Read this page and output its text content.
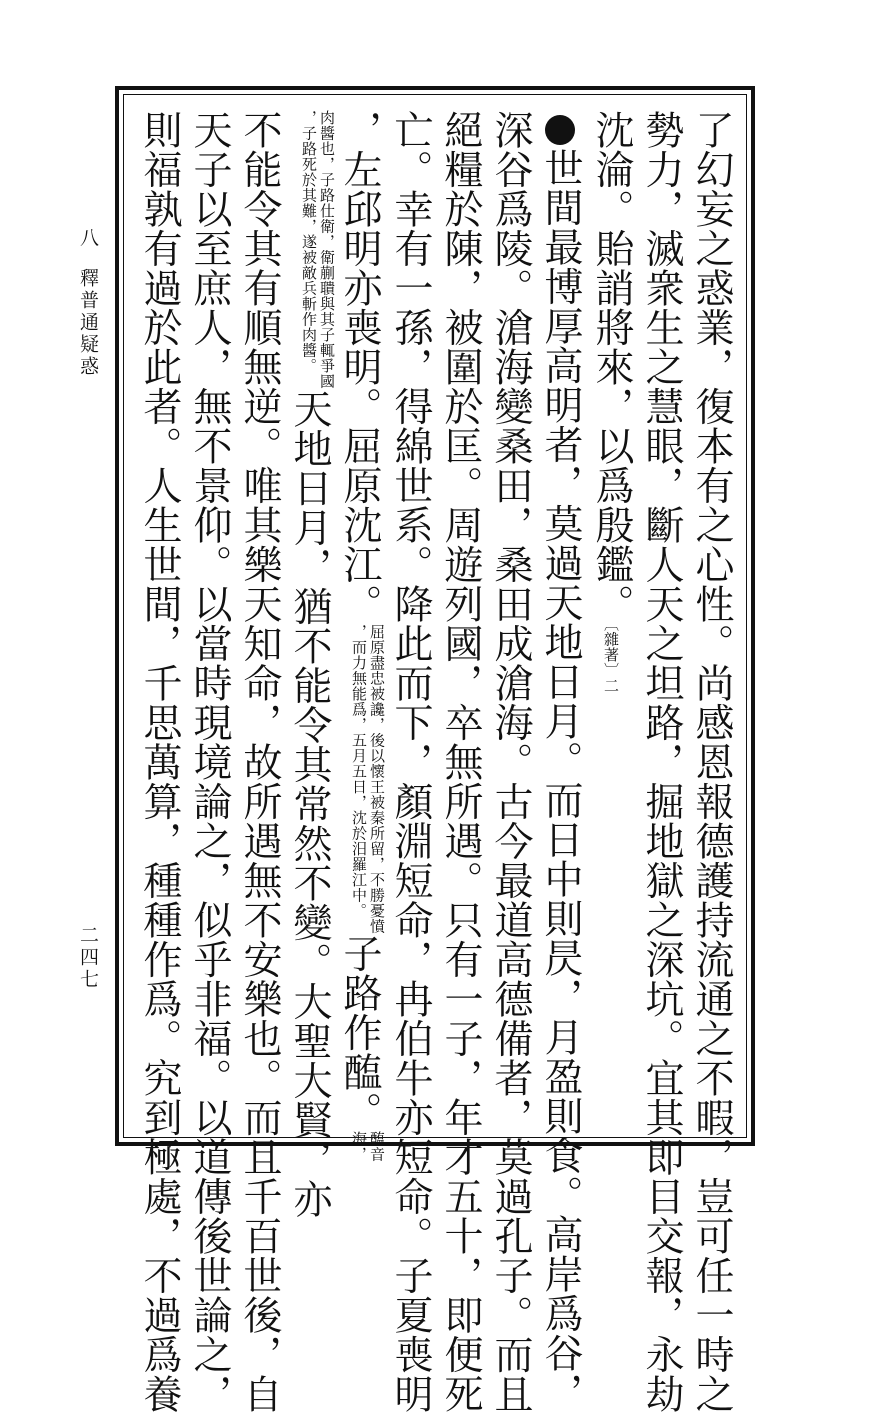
八
釋普通疑惑
二四七	了幻妄之惑業，復本有之心性。尚感恩報德護持流通之不暇，豈可任一時之
勢力，滅衆生之慧眼，斷人天之坦路，掘地獄之深坑。宜其即目交報，永劫
沈淪。貽誚將來，以爲殷鑑。〔雜著〕二
世間最博厚高明者，莫過天地日月。而日中則昃，月盈則食。高岸爲谷，
深谷爲陵。滄海變桑田，桑田成滄海。古今最道高德備者，莫過孔子。而且
絕糧於陳，被圍於匡。周遊列國，卒無所遇。只有一子，年才五十，即便死
亡。幸有一孫，得綿世系。降此而下，顏淵短命，冉伯牛亦短命。子夏喪明
，左邱明亦喪明。屈原沈江。
屈原盡忠被讒，後以懷王被秦所留，不勝憂憤
，而力無能爲，五月五日，沈於汨羅江中。
子路作醢。
醢音
海，
肉醬也，子路仕衛，衛蒯聵與其子輒爭國
，子路死於其難，遂被敵兵斬作肉醬。
天地日月，猶不能令其常然不變。大聖大賢，亦
不能令其有順無逆。唯其樂天知命，故所遇無不安樂也。而且千百世後，自
天子以至庶人，無不景仰。以當時現境論之，似乎非福。以道傳後世論之，
則福孰有過於此者。人生世間，千思萬算，種種作爲。究到極處，不過爲養
